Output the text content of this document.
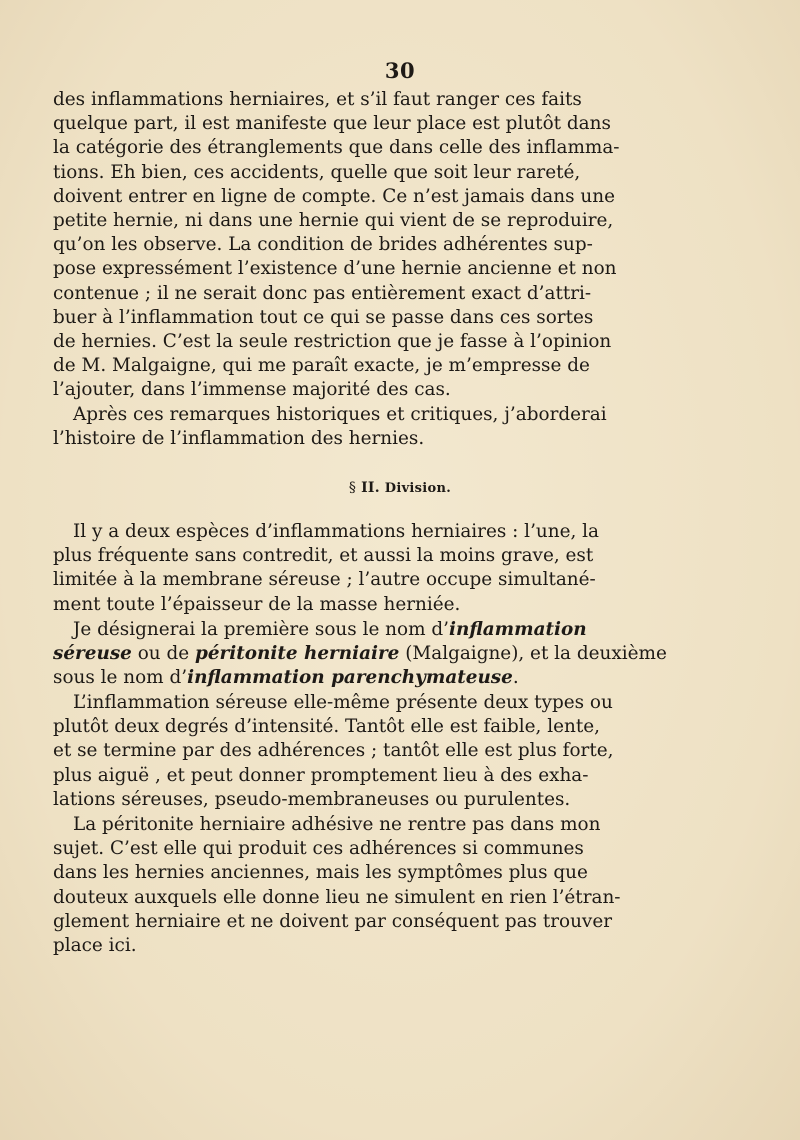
30
des inflammations herniaires, et s’il faut ranger ces faits
quelque part, il est manifeste que leur place est plutôt dans
la catégorie des étranglements que dans celle des inflamma-
tions. Eh bien, ces accidents, quelle que soit leur rareté,
doivent entrer en ligne de compte. Ce n’est jamais dans une
petite hernie, ni dans une hernie qui vient de se reproduire,
qu’on les observe. La condition de brides adhérentes sup-
pose expressément l’existence d’une hernie ancienne et non
contenue ; il ne serait donc pas entièrement exact d’attri-
buer à l’inflammation tout ce qui se passe dans ces sortes
de hernies. C’est la seule restriction que je fasse à l’opinion
de M. Malgaigne, qui me paraît exacte, je m’empresse de
l’ajouter, dans l’immense majorité des cas.
Après ces remarques historiques et critiques, j’aborderai
l’histoire de l’inflammation des hernies.
§ II. Division.
Il y a deux espèces d’inflammations herniaires : l’une, la
plus fréquente sans contredit, et aussi la moins grave, est
limitée à la membrane séreuse ; l’autre occupe simultané-
ment toute l’épaisseur de la masse herniée.
Je désignerai la première sous le nom d’inflammation
séreuse ou de péritonite herniaire (Malgaigne), et la deuxième
sous le nom d’inflammation parenchymateuse.
L’inflammation séreuse elle-même présente deux types ou
plutôt deux degrés d’intensité. Tantôt elle est faible, lente,
et se termine par des adhérences ; tantôt elle est plus forte,
plus aiguë , et peut donner promptement lieu à des exha-
lations séreuses, pseudo-membraneuses ou purulentes.
La péritonite herniaire adhésive ne rentre pas dans mon
sujet. C’est elle qui produit ces adhérences si communes
dans les hernies anciennes, mais les symptômes plus que
douteux auxquels elle donne lieu ne simulent en rien l’étran-
glement herniaire et ne doivent par conséquent pas trouver
place ici.
